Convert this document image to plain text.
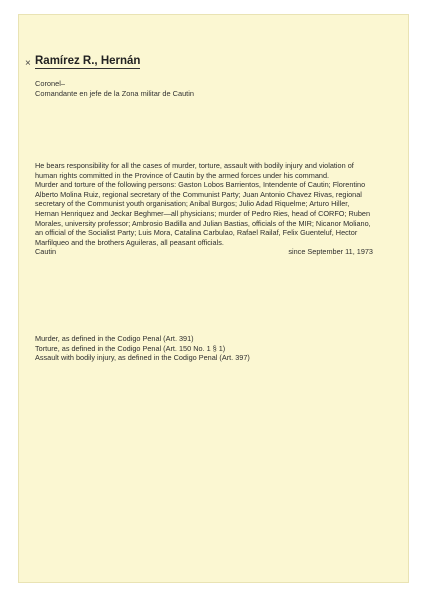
× Ramírez R., Hernán
Coronel–
Comandante en jefe de la Zona militar de Cautin

He bears responsibility for all the cases of murder, torture, assault with bodily injury and violation of human rights committed in the Province of Cautin by the armed forces under his command.

Murder and torture of the following persons: Gaston Lobos Barrientos, Intendente of Cautin; Florentino Alberto Molina Ruiz, regional secretary of the Communist Party; Juan Antonio Chavez Rivas, regional secretary of the Communist youth organisation; Anibal Burgos; Julio Adad Riquelme; Arturo Hiller, Hernan Henriquez and Jeckar Beghmer—all physicians; murder of Pedro Ries, head of CORFO; Ruben Morales, university professor; Ambrosio Badilla and Julian Bastias, officials of the MIR; Nicanor Moliano, an official of the Socialist Party; Luis Mora, Catalina Carbulao, Rafael Railaf, Felix Guenteluf, Hector Marfilqueo and the brothers Aguileras, all peasant officials.

Cautin	since September 11, 1973
Murder, as defined in the Codigo Penal (Art. 391)
Torture, as defined in the Codigo Penal (Art. 150 No. 1 § 1)
Assault with bodily injury, as defined in the Codigo Penal (Art. 397)
